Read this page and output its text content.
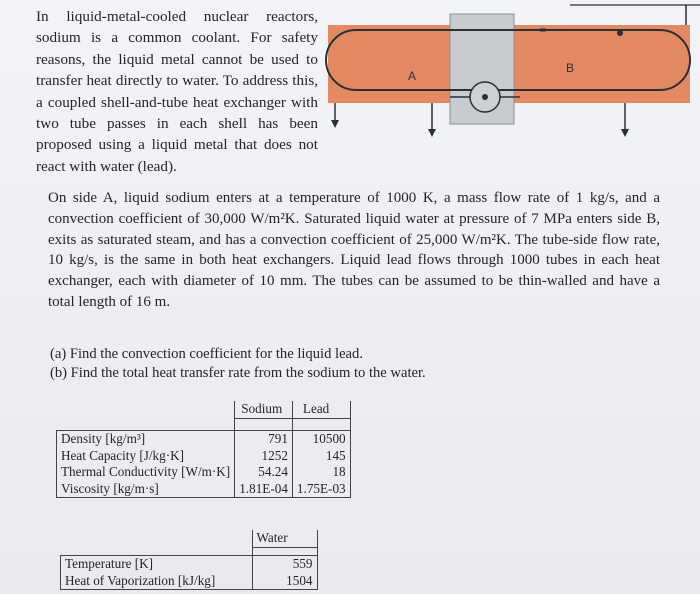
In liquid-metal-cooled nuclear reactors, sodium is a common coolant. For safety reasons, the liquid metal cannot be used to transfer heat directly to water. To address this, a coupled shell-and-tube heat exchanger with two tube passes in each shell has been proposed using a liquid metal that does not react with water (lead).
A
B
On side A, liquid sodium enters at a temperature of 1000 K, a mass flow rate of 1 kg/s, and a convection coefficient of 30,000 W/m²K. Saturated liquid water at pressure of 7 MPa enters side B, exits as saturated steam, and has a convection coefficient of 25,000 W/m²K. The tube-side flow rate, 10 kg/s, is the same in both heat exchangers. Liquid lead flows through 1000 tubes in each heat exchanger, each with diameter of 10 mm. The tubes can be assumed to be thin-walled and have a total length of 16 m.
(a) Find the convection coefficient for the liquid lead.
(b) Find the total heat transfer rate from the sodium to the water.
	Sodium	Lead

Density [kg/m³]	791	10500
Heat Capacity [J/kg·K]	1252	145
Thermal Conductivity [W/m·K]	54.24	18
Viscosity [kg/m·s]	1.81E-04	1.75E-03
	Water

Temperature [K]	559
Heat of Vaporization [kJ/kg]	1504
